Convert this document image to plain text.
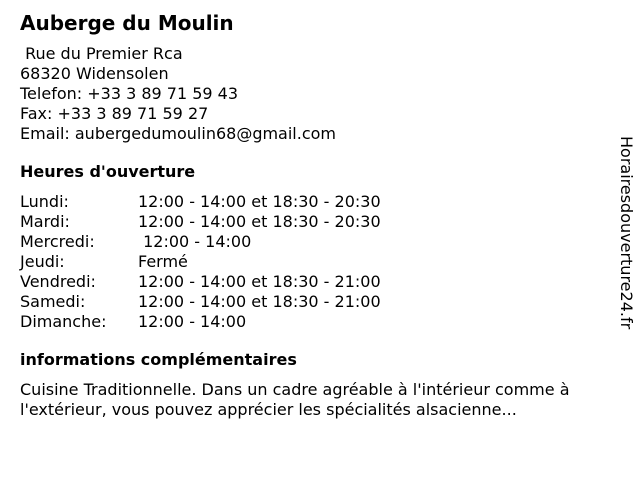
Auberge du Moulin
Rue du Premier Rca
68320 Widensolen
Telefon: +33 3 89 71 59 43
Fax: +33 3 89 71 59 27
Email: aubergedumoulin68@gmail.com
Heures d'ouverture
Lundi:	12:00 - 14:00 et 18:30 - 20:30
Mardi:	12:00 - 14:00 et 18:30 - 20:30
Mercredi:	12:00 - 14:00
Jeudi:	Fermé
Vendredi:	12:00 - 14:00 et 18:30 - 21:00
Samedi:	12:00 - 14:00 et 18:30 - 21:00
Dimanche:	12:00 - 14:00
informations complémentaires
Cuisine Traditionnelle. Dans un cadre agréable à l'intérieur comme à l'extérieur, vous pouvez apprécier les spécialités alsacienne...
Horairesdouverture24.fr
